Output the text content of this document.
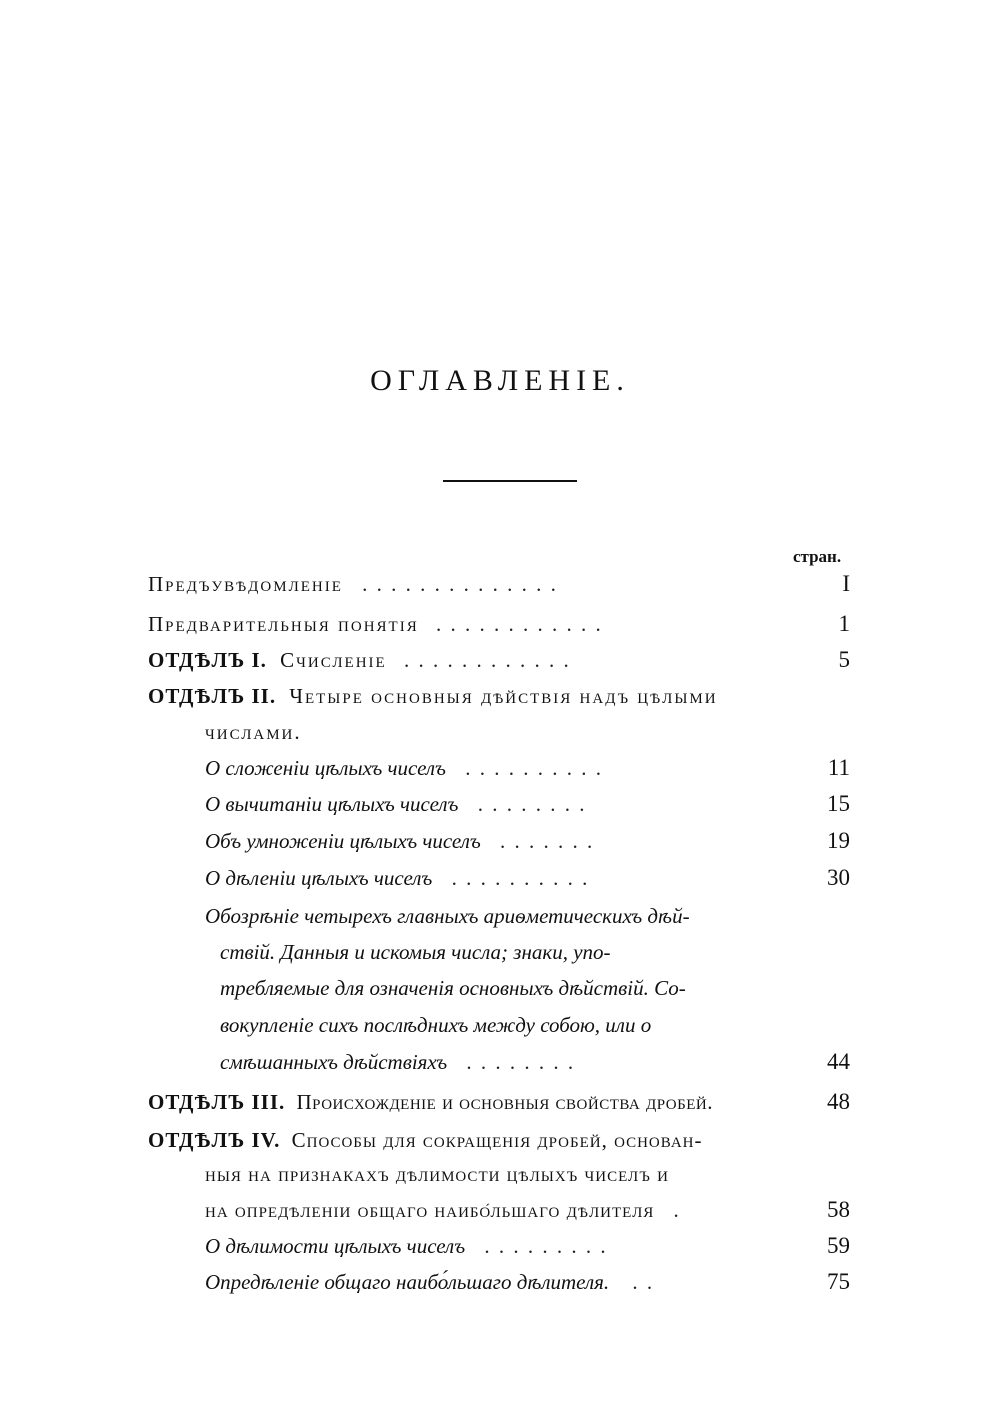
ОГЛАВЛЕНІЕ.
стран.
Предъувѣдомленіе . . . . . . . . . . . . . .	I
Предварительныя понятія . . . . . . . . . . . .	1
ОТДѢЛЪ I. Счисленіе . . . . . . . . . . . .	5
ОТДѢЛЪ II. Четыре основныя дѣйствія надъ цѣлыми
числами.
О сложеніи цѣлыхъ чиселъ . . . . . . . . . .	11
О вычитаніи цѣлыхъ чиселъ . . . . . . . .	15
Объ умноженіи цѣлыхъ чиселъ . . . . . . .	19
О дѣленіи цѣлыхъ чиселъ . . . . . . . . . .	30
Обозрѣніе четырехъ главныхъ ариѳметическихъ дѣй-
ствій. Данныя и искомыя числа; знаки, упо-
требляемые для означенія основныхъ дѣйствій. Со-
вокупленіе сихъ послѣднихъ между собою, или о
смѣшанныхъ дѣйствіяхъ . . . . . . . .	44
ОТДѢЛЪ III. Происхожденіе и основныя свойства дробей.	48
ОТДѢЛЪ IV. Способы для сокращенія дробей, основан-
ныя на признакахъ дѣлимости цѣлыхъ чиселъ и
на опредѣленіи общаго наибо́льшаго дѣлителя .	58
О дѣлимости цѣлыхъ чиселъ . . . . . . . . .	59
Опредѣленіе общаго наибо́льшаго дѣлителя. . .	75
